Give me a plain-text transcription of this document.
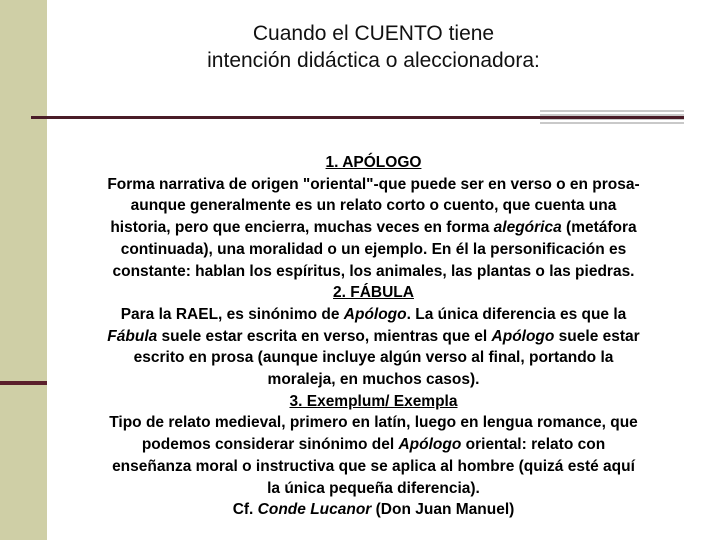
Cuando el CUENTO tiene
intención didáctica o aleccionadora:
1. APÓLOGO
Forma narrativa de origen "oriental"-que puede ser en verso o en prosa-
aunque generalmente es un relato corto o cuento, que cuenta una
historia, pero que encierra, muchas veces en forma alegórica (metáfora
continuada), una moralidad o un ejemplo. En él la personificación es
constante: hablan los espíritus, los animales, las plantas o las piedras.
2. FÁBULA
Para la RAEL, es sinónimo de Apólogo. La única diferencia es que la
Fábula suele estar escrita en verso, mientras que el Apólogo suele estar
escrito en prosa (aunque incluye algún verso al final, portando la
moraleja, en muchos casos).
3. Exemplum/ Exempla
Tipo de relato medieval, primero en latín, luego en lengua romance, que
podemos considerar sinónimo del Apólogo oriental: relato con
enseñanza moral o instructiva que se aplica al hombre (quizá esté aquí
la única pequeña diferencia).
Cf. Conde Lucanor (Don Juan Manuel)
